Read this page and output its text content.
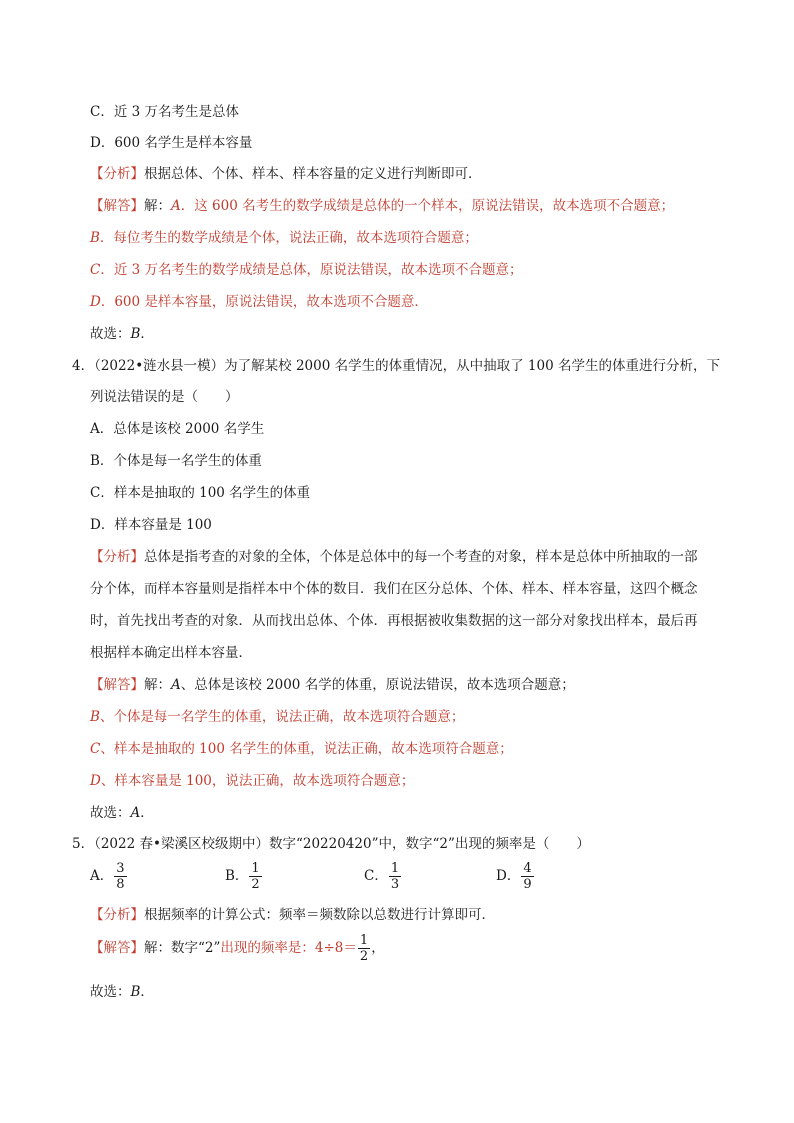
C．近 3 万名考生是总体
D．600 名学生是样本容量
【分析】根据总体、个体、样本、样本容量的定义进行判断即可．
【解答】解：A．这 600 名考生的数学成绩是总体的一个样本，原说法错误，故本选项不合题意；
B．每位考生的数学成绩是个体，说法正确，故本选项符合题意；
C．近 3 万名考生的数学成绩是总体，原说法错误，故本选项不合题意；
D．600 是样本容量，原说法错误，故本选项不合题意．
故选：B．
4．（2022•涟水县一模）为了解某校 2000 名学生的体重情况，从中抽取了 100 名学生的体重进行分析，下
列说法错误的是（　　）
A．总体是该校 2000 名学生
B．个体是每一名学生的体重
C．样本是抽取的 100 名学生的体重
D．样本容量是 100
【分析】总体是指考查的对象的全体，个体是总体中的每一个考查的对象，样本是总体中所抽取的一部
分个体，而样本容量则是指样本中个体的数目．我们在区分总体、个体、样本、样本容量，这四个概念
时，首先找出考查的对象．从而找出总体、个体．再根据被收集数据的这一部分对象找出样本，最后再
根据样本确定出样本容量．
【解答】解：A、总体是该校 2000 名学的体重，原说法错误，故本选项合题意；
B、个体是每一名学生的体重，说法正确，故本选项符合题意；
C、样本是抽取的 100 名学生的体重，说法正确，故本选项符合题意；
D、样本容量是 100，说法正确，故本选项符合题意；
故选：A．
5．（2022 春•梁溪区校级期中）数字“20220420”中，数字“2”出现的频率是（　　）
A． $\frac{3}{8}$	B． $\frac{1}{2}$	C． $\frac{1}{3}$	D． $\frac{4}{9}$
【分析】根据频率的计算公式：频率＝频数除以总数进行计算即可．
【解答】解：数字“2”出现的频率是：$4\div 8= \frac{1}{2}$ ，
故选：B．
